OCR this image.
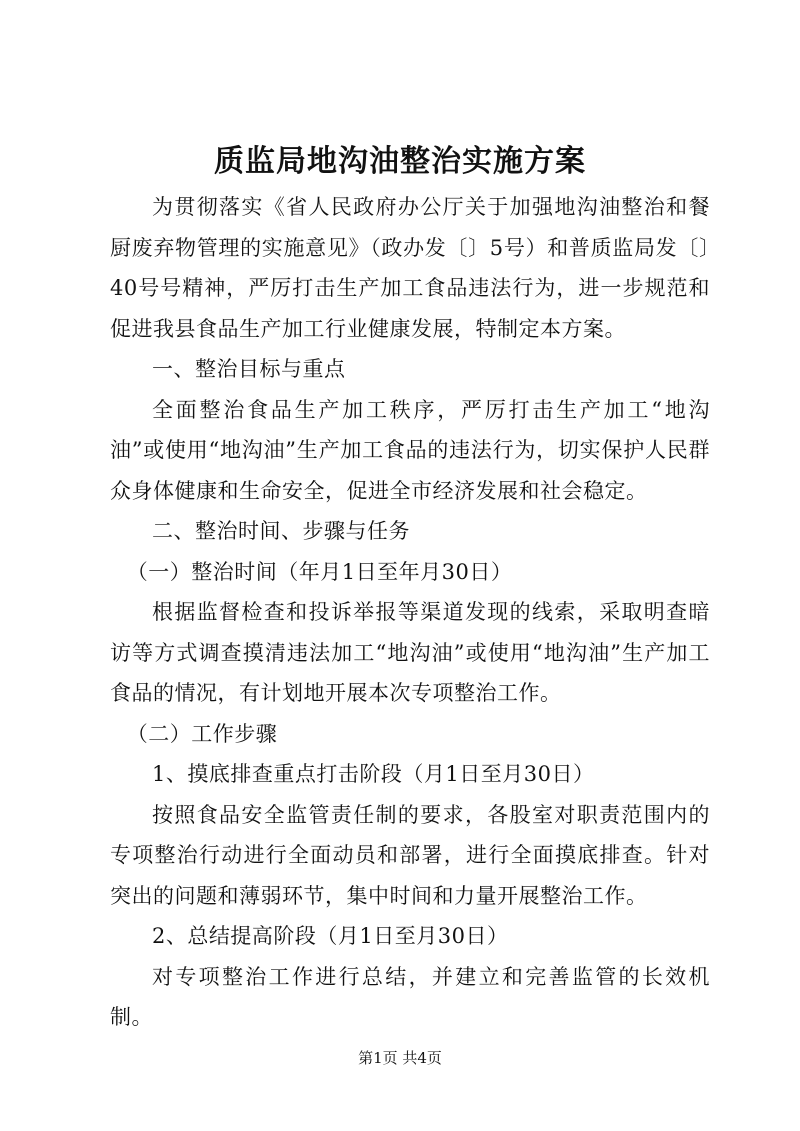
质监局地沟油整治实施方案

为贯彻落实《省人民政府办公厅关于加强地沟油整治和餐厨废弃物管理的实施意见》（政办发〔〕5号）和普质监局发〔〕40号号精神，严厉打击生产加工食品违法行为，进一步规范和促进我县食品生产加工行业健康发展，特制定本方案。

一、整治目标与重点

全面整治食品生产加工秩序，严厉打击生产加工“地沟油”或使用“地沟油”生产加工食品的违法行为，切实保护人民群众身体健康和生命安全，促进全市经济发展和社会稳定。

二、整治时间、步骤与任务

（一）整治时间（年月1日至年月30日）

根据监督检查和投诉举报等渠道发现的线索，采取明查暗访等方式调查摸清违法加工“地沟油”或使用“地沟油”生产加工食品的情况，有计划地开展本次专项整治工作。

（二）工作步骤

1、摸底排查重点打击阶段（月1日至月30日）

按照食品安全监管责任制的要求，各股室对职责范围内的专项整治行动进行全面动员和部署，进行全面摸底排查。针对突出的问题和薄弱环节，集中时间和力量开展整治工作。

2、总结提高阶段（月1日至月30日）

对专项整治工作进行总结，并建立和完善监管的长效机制。

第1页 共4页
